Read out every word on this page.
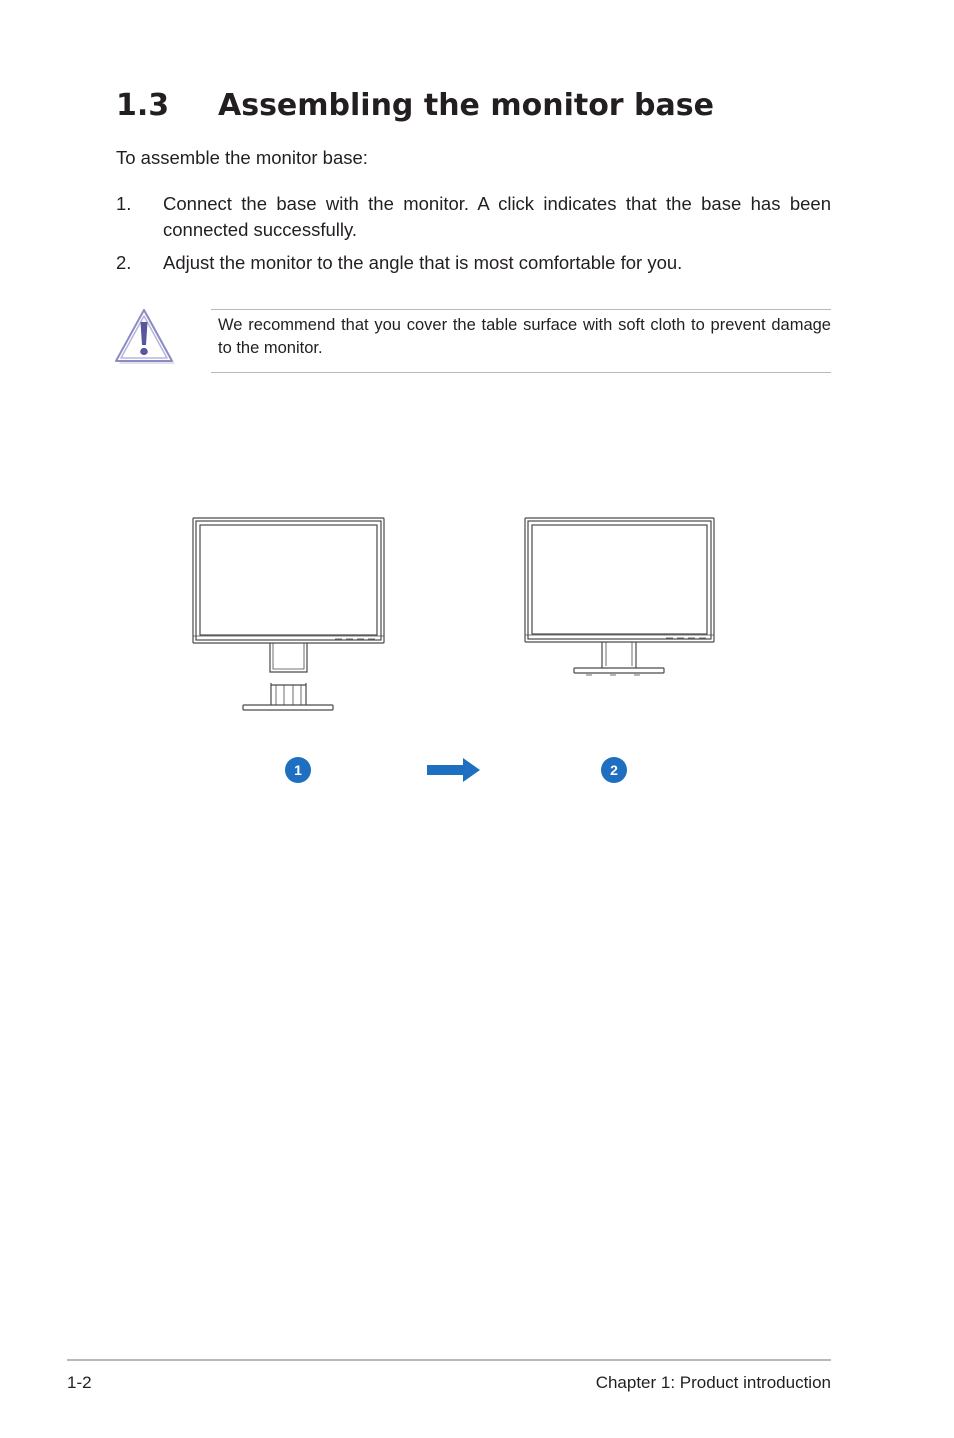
1.3 Assembling the monitor base
To assemble the monitor base:
1. Connect the base with the monitor. A click indicates that the base has been connected successfully.
2. Adjust the monitor to the angle that is most comfortable for you.
We recommend that you cover the table surface with soft cloth to prevent damage to the monitor.
1	2
1-2	Chapter 1: Product introduction
